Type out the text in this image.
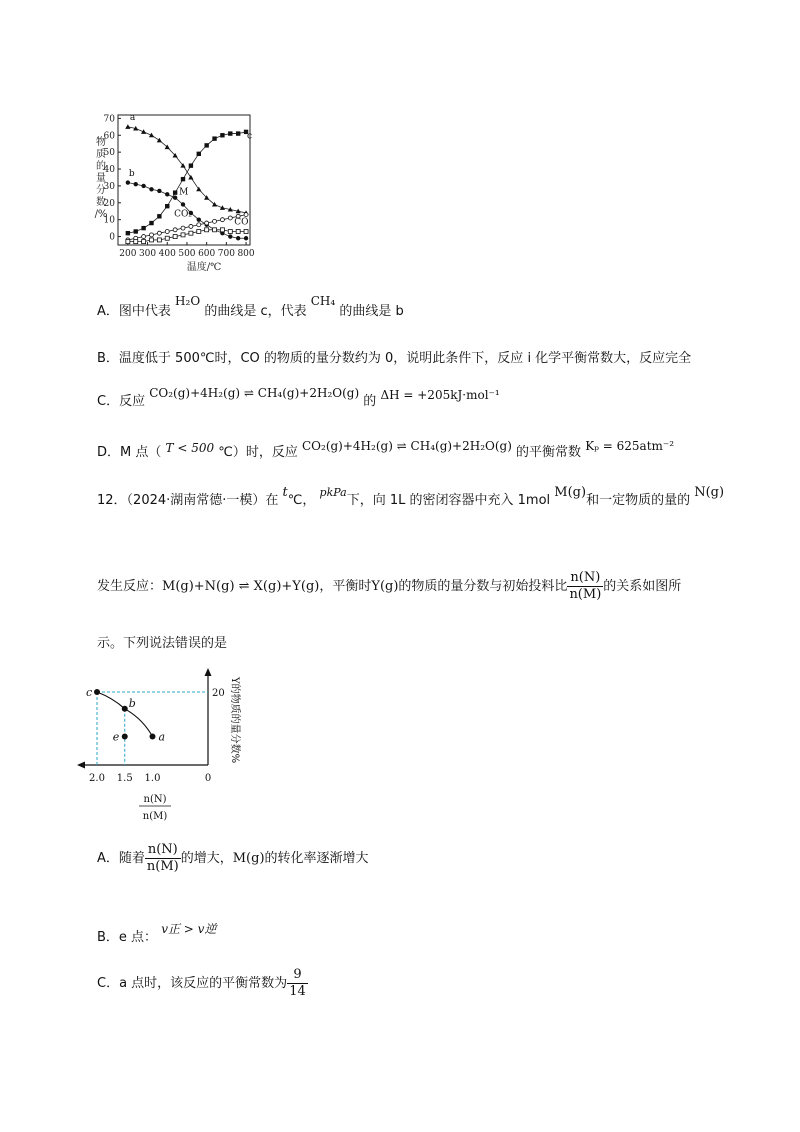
70
60
50
40
30
20
10
0
200 300 400 500 600 700 800
温度/℃
物
质
的
量
分
数
/%
a
b
c
M
CO₂
CO
A．图中代表 H₂O 的曲线是 c，代表 CH₄ 的曲线是 b
B．温度低于 500℃时，CO 的物质的量分数约为 0，说明此条件下，反应 i 化学平衡常数大，反应完全
C．反应 CO₂(g)+4H₂(g) ⇌ CH₄(g)+2H₂O(g) 的 ΔH = +205kJ·mol⁻¹
D．M 点（ T < 500 ℃）时，反应 CO₂(g)+4H₂(g) ⇌ CH₄(g)+2H₂O(g) 的平衡常数 Kₚ = 625atm⁻²
12．（2024·湖南常德·一模）在 t℃， $^{pkPa}$下，向 1L 的密闭容器中充入 1mol M(g)和一定物质的量的 N(g)
发生反应：M(g)+N(g) ⇌ X(g)+Y(g)，平衡时Y(g)的物质的量分数与初始投料比 $\frac{n(N)}{n(M)}$ 的关系如图所
示。下列说法错误的是
c
b
e	a
2.0 1.5 1.0	0
20 Y的物质的量分数%
n(N)
n(M)
A．随着 $\frac{n(N)}{n(M)}$ 的增大，M(g)的转化率逐渐增大
B．e 点： v正 > v逆
C．a 点时，该反应的平衡常数为 $\frac{9}{14}$
